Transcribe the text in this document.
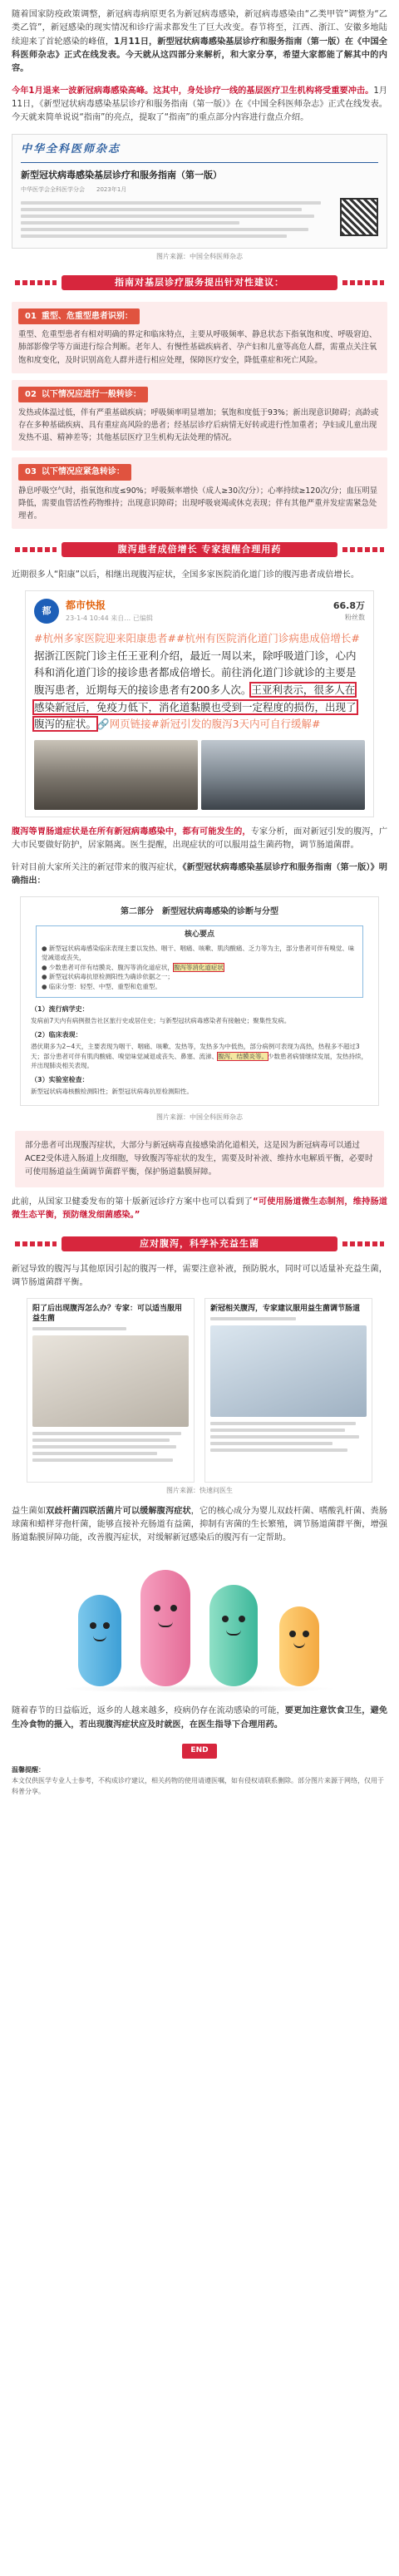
随着国家防疫政策调整，新冠病毒病原更名为新冠病毒感染，新冠病毒感染由“乙类甲管”调整为“乙类乙管”，新冠感染的现实情况和诊疗需求都发生了巨大改变。春节将至，江西、浙江、安徽多地陆续迎来了首轮感染的峰值，1月11日，新型冠状病毒感染基层诊疗和服务指南（第一版）在《中国全科医师杂志》正式在线发表。今天就从这四部分来解析，和大家分享，希望大家都能了解其中的内容。

今年1月退来一波新冠病毒感染高峰。这其中，身处诊疗一线的基层医疗卫生机构将受重要冲击。1月11日，《新型冠状病毒感染基层诊疗和服务指南（第一版）》在《中国全科医师杂志》正式在线发表。今天就来简单说说“指南”的亮点，提取了“指南”的重点部分内容进行盘点介绍。

中华全科医师杂志
新型冠状病毒感染基层诊疗和服务指南（第一版）
中华医学会全科医学分会　　2023年1月
图片来源：中国全科医师杂志
指南对基层诊疗服务提出针对性建议：
01 重型、危重型患者识别：
重型、危重型患者有相对明确的界定和临床特点，主要从呼吸频率、静息状态下指氧饱和度、呼吸窘迫、肺部影像学等方面进行综合判断。老年人、有慢性基础疾病者、孕产妇和儿童等高危人群，需重点关注氧饱和度变化，及时识别高危人群并进行相应处理，保障医疗安全，降低重症和死亡风险。
02 以下情况应进行一般转诊：
发热或体温过低，伴有严重基础疾病；呼吸频率明显增加；氧饱和度低于93%；新出现意识障碍；高龄或存在多种基础疾病、具有重症高风险的患者；经基层诊疗后病情无好转或进行性加重者；孕妇或儿童出现发热不退、精神差等；其他基层医疗卫生机构无法处理的情况。
03 以下情况应紧急转诊：
静息呼吸空气时，指氧饱和度≤90%；呼吸频率增快（成人≥30次/分）；心率持续≥120次/分；血压明显降低，需要血管活性药物维持；出现意识障碍；出现呼吸衰竭或休克表现；伴有其他严重并发症需紧急处理者。
腹泻患者成倍增长 专家提醒合理用药

近期很多人“阳康”以后，相继出现腹泻症状，全国多家医院消化道门诊的腹泻患者成倍增长。

都	都市快报
23-1-4 10:44 来自… 已编辑
66.8万
粉丝数
#杭州多家医院迎来阳康患者##杭州有医院消化道门诊病患成倍增长# 据浙江医院门诊主任王亚利介绍，最近一周以来，除呼吸道门诊，心内科和消化道门诊的接诊患者都成倍增长。前往消化道门诊就诊的主要是腹泻患者，近期每天的接诊患者有200多人次。王亚利表示，很多人在感染新冠后，免疫力低下，消化道黏膜也受到一定程度的损伤，出现了腹泻的症状。🔗网页链接#新冠引发的腹泻3天内可自行缓解#

腹泻等胃肠道症状是在所有新冠病毒感染中，都有可能发生的，专家分析，面对新冠引发的腹泻，广大市民要做好防护，居家隔离。医生提醒，出现症状的可以服用益生菌药物，调节肠道菌群。

针对目前大家所关注的新冠带来的腹泻症状，《新型冠状病毒感染基层诊疗和服务指南（第一版）》明确指出：

第二部分　新型冠状病毒感染的诊断与分型
核心要点
● 新型冠状病毒感染临床表现主要以发热、咽干、咽痛、咳嗽、肌肉酸痛、乏力等为主，部分患者可伴有嗅觉、味觉减退或丧失，
● 少数患者可伴有结膜炎、腹泻等消化道症状，腹泻等消化道症状
● 新型冠状病毒抗原检测阳性为确诊依据之一；
● 临床分型：轻型、中型、重型和危重型。
（1）流行病学史：
发病前7天内有病例报告社区旅行史或居住史；与新型冠状病毒感染者有接触史；聚集性发病。
（2）临床表现：
潜伏期多为2~4天，主要表现为咽干、咽痛、咳嗽、发热等，发热多为中低热，部分病例可表现为高热，热程多不超过3天；部分患者可伴有肌肉酸痛、嗅觉味觉减退或丧失、鼻塞、流涕、腹泻、结膜炎等。少数患者病情继续发展，发热持续，并出现肺炎相关表现。
（3）实验室检查：
新型冠状病毒核酸检测阳性；新型冠状病毒抗原检测阳性。
图片来源：中国全科医师杂志
部分患者可出现腹泻症状，大部分与新冠病毒直接感染消化道相关，这是因为新冠病毒可以通过ACE2受体进入肠道上皮细胞，导致腹泻等症状的发生，需要及时补液、维持水电解质平衡，必要时可使用肠道益生菌调节菌群平衡，保护肠道黏膜屏障。

此前，从国家卫健委发布的第十版新冠诊疗方案中也可以看到了“可使用肠道微生态制剂，维持肠道微生态平衡，预防继发细菌感染。”

应对腹泻，科学补充益生菌

新冠导致的腹泻与其他原因引起的腹泻一样，需要注意补液，预防脱水，同时可以适量补充益生菌，调节肠道菌群平衡。

阳了后出现腹泻怎么办？专家：可以适当服用益生菌
新冠相关腹泻，专家建议服用益生菌调节肠道
图片来源：快速问医生

益生菌如双歧杆菌四联活菌片可以缓解腹泻症状，它的核心成分为婴儿双歧杆菌、嗜酸乳杆菌、粪肠球菌和蜡样芽孢杆菌，能够直接补充肠道有益菌，抑制有害菌的生长繁殖，调节肠道菌群平衡，增强肠道黏膜屏障功能，改善腹泻症状，对缓解新冠感染后的腹泻有一定帮助。

随着春节的日益临近，返乡的人越来越多，疫病仍存在流动感染的可能，要更加注意饮食卫生，避免生冷食物的摄入，若出现腹泻症状应及时就医，在医生指导下合理用药。

END
温馨提醒：
本文仅供医学专业人士参考，不构成诊疗建议，相关药物的使用请遵医嘱，如有侵权请联系删除。部分图片来源于网络，仅用于科普分享。
